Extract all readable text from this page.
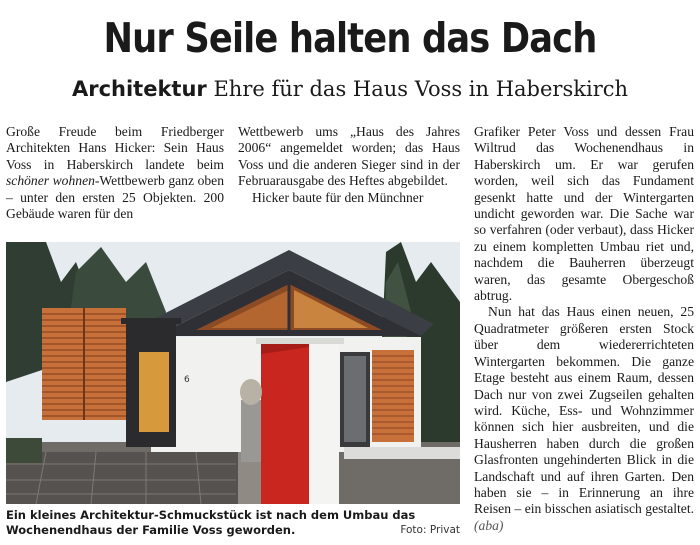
Nur Seile halten das Dach
Architektur Ehre für das Haus Voss in Haberskirch

Große Freude beim Friedberger Architekten Hans Hicker: Sein Haus Voss in Haberskirch landete beim schöner wohnen-Wettbewerb ganz oben – unter den ersten 25 Objekten. 200 Gebäude waren für den

Wettbewerb ums „Haus des Jahres 2006“ angemeldet worden; das Haus Voss und die anderen Sieger sind in der Februarausgabe des Heftes abgebildet.

Hicker baute für den Münchner

Grafiker Peter Voss und dessen Frau Wiltrud das Wochenendhaus in Haberskirch um. Er war gerufen worden, weil sich das Fundament gesenkt hatte und der Wintergarten undicht geworden war. Die Sache war so verfahren (oder verbaut), dass Hicker zu einem kompletten Umbau riet und, nachdem die Bauherren überzeugt waren, das gesamte Obergeschoß abtrug.

Nun hat das Haus einen neuen, 25 Quadratmeter größeren ersten Stock über dem wiedererrichteten Wintergarten bekommen. Die ganze Etage besteht aus einem Raum, dessen Dach nur von zwei Zugseilen gehalten wird. Küche, Ess- und Wohnzimmer können sich hier ausbreiten, und die Hausherren haben durch die großen Glasfronten ungehinderten Blick in die Landschaft und auf ihren Garten. Den haben sie – in Erinnerung an ihre Reisen – ein bisschen asiatisch gestaltet. (aba)

6
Ein kleines Architektur-Schmuckstück ist nach dem Umbau das Wochenendhaus der Familie Voss geworden.	Foto: Privat
